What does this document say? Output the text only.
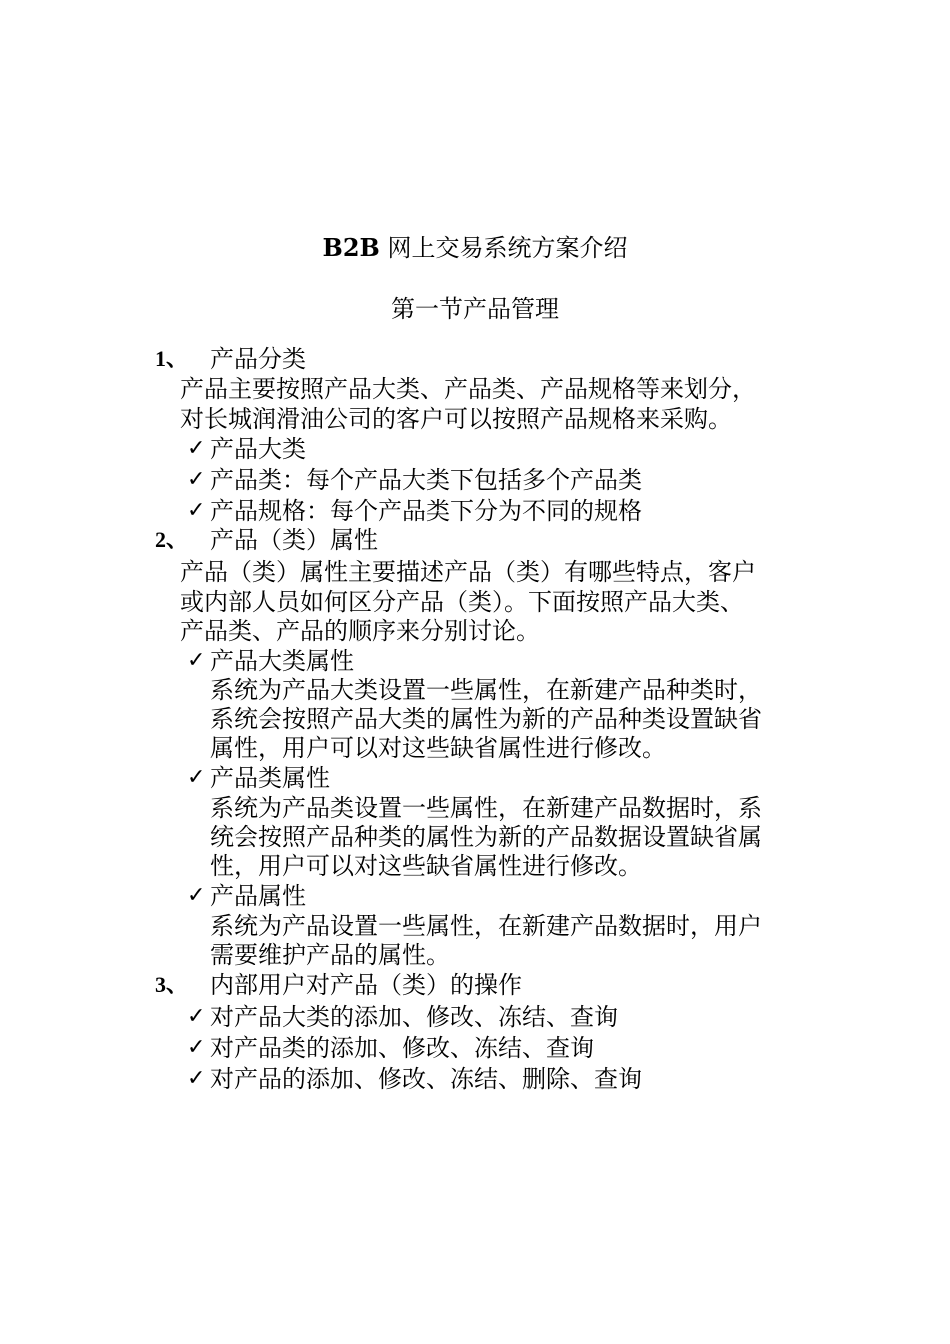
B2B 网上交易系统方案介绍
第一节产品管理
1、 产品分类
产品主要按照产品大类、产品类、产品规格等来划分，
对长城润滑油公司的客户可以按照产品规格来采购。
✓ 产品大类
✓ 产品类：每个产品大类下包括多个产品类
✓ 产品规格：每个产品类下分为不同的规格
2、 产品（类）属性
产品（类）属性主要描述产品（类）有哪些特点，客户
或内部人员如何区分产品（类）。下面按照产品大类、
产品类、产品的顺序来分别讨论。
✓ 产品大类属性
系统为产品大类设置一些属性，在新建产品种类时，
系统会按照产品大类的属性为新的产品种类设置缺省
属性，用户可以对这些缺省属性进行修改。
✓ 产品类属性
系统为产品类设置一些属性，在新建产品数据时，系
统会按照产品种类的属性为新的产品数据设置缺省属
性，用户可以对这些缺省属性进行修改。
✓ 产品属性
系统为产品设置一些属性，在新建产品数据时，用户
需要维护产品的属性。
3、 内部用户对产品（类）的操作
✓ 对产品大类的添加、修改、冻结、查询
✓ 对产品类的添加、修改、冻结、查询
✓ 对产品的添加、修改、冻结、删除、查询
